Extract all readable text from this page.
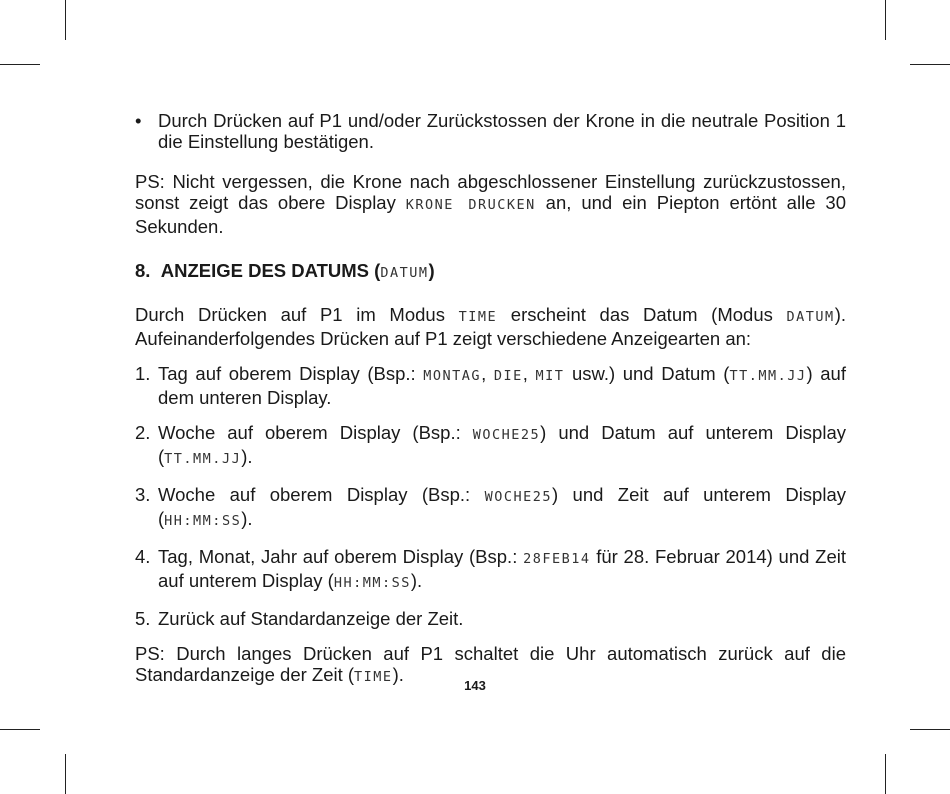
• Durch Drücken auf P1 und/oder Zurückstossen der Krone in die neutrale Position 1 die Einstellung bestätigen.

PS: Nicht vergessen, die Krone nach abgeschlossener Einstellung zurückzustossen, sonst zeigt das obere Display KRONE DRUCKEN an, und ein Piepton ertönt alle 30 Sekunden.

8. ANZEIGE DES DATUMS (DATUM)

Durch Drücken auf P1 im Modus TIME erscheint das Datum (Modus DATUM). Aufeinanderfolgendes Drücken auf P1 zeigt verschiedene Anzeigearten an:

1. Tag auf oberem Display (Bsp.: MONTAG, DIE, MIT usw.) und Datum (TT.MM.JJ) auf dem unteren Display.

2. Woche auf oberem Display (Bsp.: WOCHE25) und Datum auf unterem Display (TT.MM.JJ).

3. Woche auf oberem Display (Bsp.: WOCHE25) und Zeit auf unterem Display (HH:MM:SS).

4. Tag, Monat, Jahr auf oberem Display (Bsp.: 28FEB14 für 28. Februar 2014) und Zeit auf unterem Display (HH:MM:SS).

5. Zurück auf Standardanzeige der Zeit.

PS: Durch langes Drücken auf P1 schaltet die Uhr automatisch zurück auf die Standardanzeige der Zeit (TIME).

143
